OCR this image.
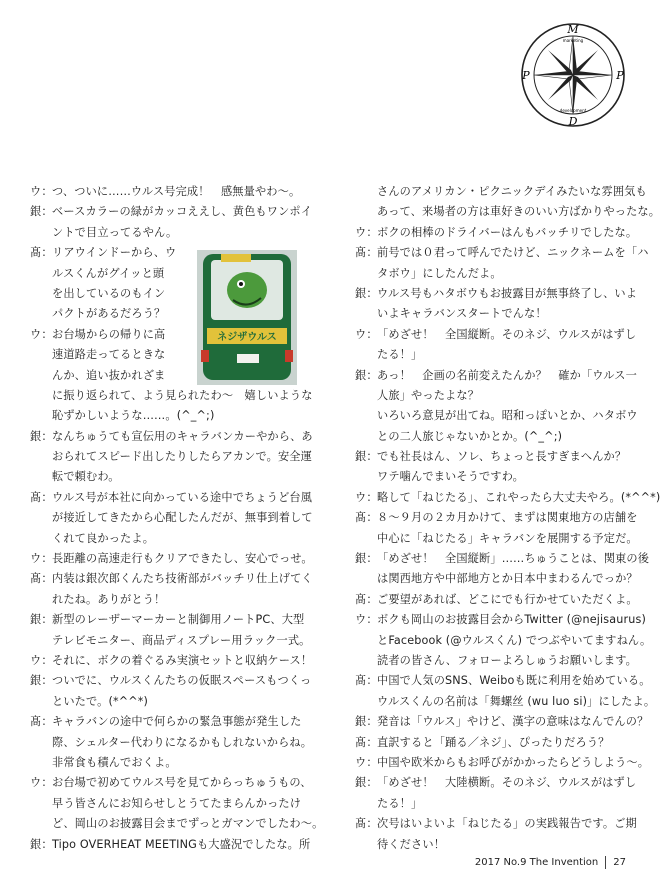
M
P	P
D
marketing
development
ネジザウルス
ウ： つ、ついに……ウルス号完成！　感無量やわ〜。
銀： ベースカラーの緑がカッコええし、黄色もワンポイ
ントで目立ってるやん。
髙： リアウインドーから、ウ
ルスくんがグイッと頭
を出しているのもイン
パクトがあるだろう？
ウ： お台場からの帰りに高
速道路走ってるときな
んか、追い抜かれざま
に振り返られて、よう見られたわ〜　嬉しいような
恥ずかしいような……。(^_^;)
銀： なんちゅうても宣伝用のキャラバンカーやから、あ
おられてスピード出したりしたらアカンで。安全運
転で頼むわ。
髙： ウルス号が本社に向かっている途中でちょうど台風
が接近してきたから心配したんだが、無事到着して
くれて良かったよ。
ウ： 長距離の高速走行もクリアできたし、安心でっせ。
髙： 内装は銀次郎くんたち技術部がバッチリ仕上げてく
れたね。ありがとう！
銀： 新型のレーザーマーカーと制御用ノートPC、大型
テレビモニター、商品ディスプレー用ラック一式。
ウ： それに、ボクの着ぐるみ実演セットと収納ケース！
銀： ついでに、ウルスくんたちの仮眠スペースもつくっ
といたで。(*^^*)
髙： キャラバンの途中で何らかの緊急事態が発生した
際、シェルター代わりになるかもしれないからね。
非常食も積んでおくよ。
ウ： お台場で初めてウルス号を見てからっちゅうもの、
早う皆さんにお知らせしとうてたまらんかったけ
ど、岡山のお披露目会までずっとガマンでしたわ〜。
銀： Tipo OVERHEAT MEETINGも大盛況でしたな。所
さんのアメリカン・ピクニックデイみたいな雰囲気も
あって、来場者の方は車好きのいい方ばかりやったな。
ウ： ボクの相棒のドライバーはんもバッチリでしたな。
髙： 前号では０君って呼んでたけど、ニックネームを「ハ
タボウ」にしたんだよ。
銀： ウルス号もハタボウもお披露目が無事終了し、いよ
いよキャラバンスタートでんな！
ウ： 「めざせ！　全国縦断。そのネジ、ウルスがはずし
たる！」
銀： あっ！　企画の名前変えたんか？　確か「ウルス一
人旅」やったよな？
いろいろ意見が出てね。昭和っぽいとか、ハタボウ
との二人旅じゃないかとか。(^_^;)
銀： でも社長はん、ソレ、ちょっと長すぎまへんか？
ワテ噛んでまいそうですわ。
ウ： 略して「ねじたる」、これやったら大丈夫やろ。(*^^*)
髙： ８〜９月の２カ月かけて、まずは関東地方の店舗を
中心に「ねじたる」キャラバンを展開する予定だ。
銀： 「めざせ！　全国縦断」……ちゅうことは、関東の後
は関西地方や中部地方とか日本中まわるんでっか？
髙： ご要望があれば、どこにでも行かせていただくよ。
ウ： ボクも岡山のお披露目会からTwitter (@nejisaurus)
とFacebook (@ウルスくん) でつぶやいてますねん。
読者の皆さん、フォローよろしゅうお願いします。
髙： 中国で人気のSNS、Weiboも既に利用を始めている。
ウルスくんの名前は「舞螺丝 (wu luo si)」にしたよ。
銀： 発音は「ウルス」やけど、漢字の意味はなんでんの？
髙： 直訳すると「踊る／ネジ」、ぴったりだろう？
ウ： 中国や欧米からもお呼びがかかったらどうしよう〜。
銀： 「めざせ！　大陸横断。そのネジ、ウルスがはずし
たる！」
髙： 次号はいよいよ「ねじたる」の実践報告です。ご期
待ください！
2017 No.9 The Invention 27
